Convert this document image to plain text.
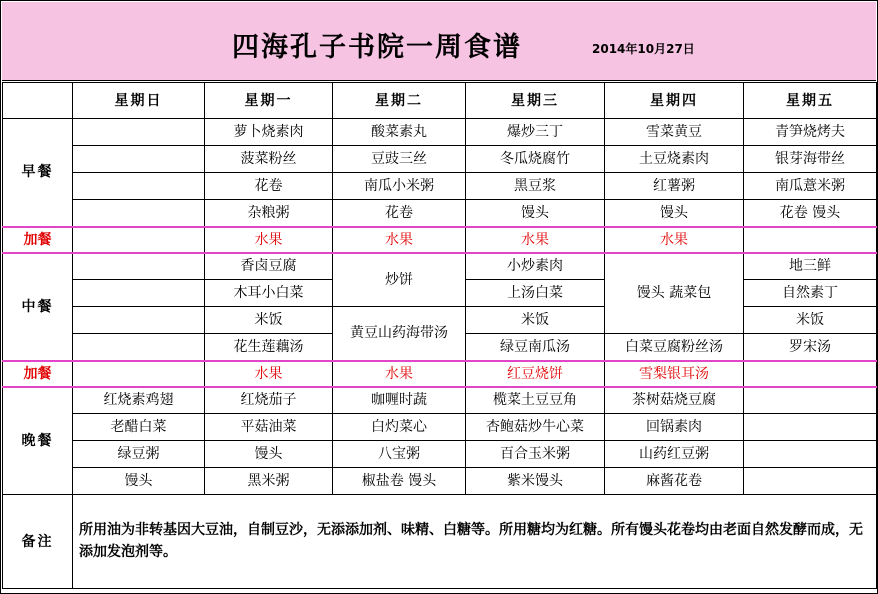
四海孔子书院一周食谱	2014年10月27日
	星期日	星期一	星期二	星期三	星期四	星期五
早餐		萝卜烧素肉	酸菜素丸	爆炒三丁	雪菜黄豆	青笋烧烤夫
		菠菜粉丝	豆豉三丝	冬瓜烧腐竹	土豆烧素肉	银芽海带丝
		花卷	南瓜小米粥	黑豆浆	红薯粥	南瓜薏米粥
		杂粮粥	花卷	馒头	馒头	花卷 馒头
加餐		水果	水果	水果	水果	
中餐		香卤豆腐	炒饼	小炒素肉	馒头 蔬菜包	地三鲜
		木耳小白菜		上汤白菜		自然素丁
		米饭	黄豆山药海带汤	米饭		米饭
		花生莲藕汤		绿豆南瓜汤	白菜豆腐粉丝汤	罗宋汤
加餐		水果	水果	红豆烧饼	雪梨银耳汤	
晚餐	红烧素鸡翅	红烧茄子	咖喱时蔬	榄菜土豆豆角	茶树菇烧豆腐	
	老醋白菜	平菇油菜	白灼菜心	杏鲍菇炒牛心菜	回锅素肉	
	绿豆粥	馒头	八宝粥	百合玉米粥	山药红豆粥	
	馒头	黑米粥	椒盐卷 馒头	紫米馒头	麻酱花卷	
备注	所用油为非转基因大豆油，自制豆沙，无添添加剂、味精、白糖等。所用糖均为红糖。所有馒头花卷均由老面自然发酵而成，无添加发泡剂等。					
